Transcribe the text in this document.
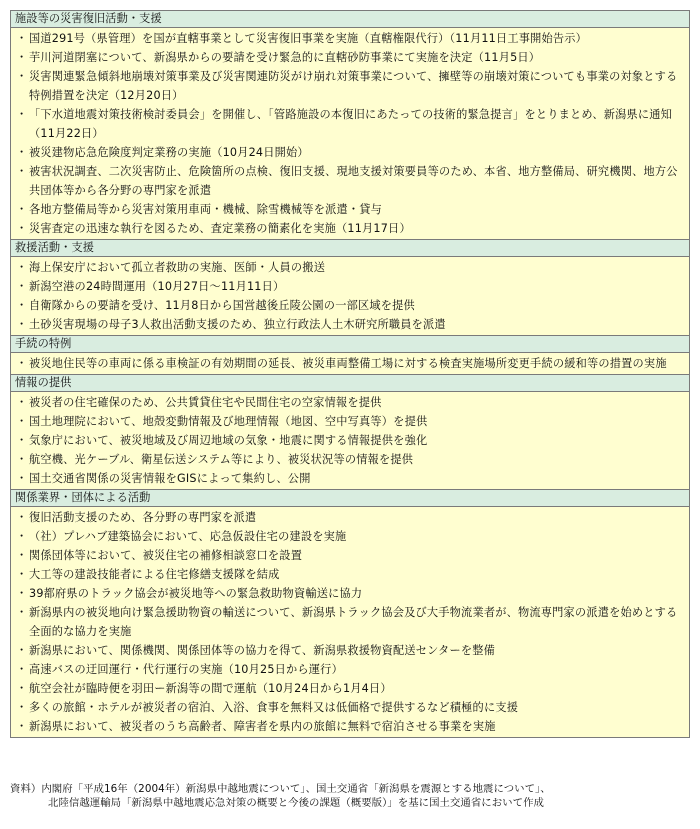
施設等の災害復旧活動・支援

・ 国道291号（県管理）を国が直轄事業として災害復旧事業を実施（直轄権限代行）（11月11日工事開始告示）
・ 芋川河道閉塞について、新潟県からの要請を受け緊急的に直轄砂防事業にて実施を決定（11月5日）
・ 災害関連緊急傾斜地崩壊対策事業及び災害関連防災がけ崩れ対策事業について、擁壁等の崩壊対策についても事業の対象とする特例措置を決定（12月20日）
・ 「下水道地震対策技術検討委員会」を開催し、「管路施設の本復旧にあたっての技術的緊急提言」をとりまとめ、新潟県に通知（11月22日）
・ 被災建物応急危険度判定業務の実施（10月24日開始）
・ 被害状況調査、二次災害防止、危険箇所の点検、復旧支援、現地支援対策要員等のため、本省、地方整備局、研究機関、地方公共団体等から各分野の専門家を派遣
・ 各地方整備局等から災害対策用車両・機械、除雪機械等を派遣・貸与
・ 災害査定の迅速な執行を図るため、査定業務の簡素化を実施（11月17日）

救援活動・支援

・ 海上保安庁において孤立者救助の実施、医師・人員の搬送
・ 新潟空港の24時間運用（10月27日〜11月11日）
・ 自衛隊からの要請を受け、11月8日から国営越後丘陵公園の一部区域を提供
・ 土砂災害現場の母子3人救出活動支援のため、独立行政法人土木研究所職員を派遣

手続の特例

・ 被災地住民等の車両に係る車検証の有効期間の延長、被災車両整備工場に対する検査実施場所変更手続の緩和等の措置の実施

情報の提供

・ 被災者の住宅確保のため、公共賃貸住宅や民間住宅の空家情報を提供
・ 国土地理院において、地殻変動情報及び地理情報（地図、空中写真等）を提供
・ 気象庁において、被災地域及び周辺地域の気象・地震に関する情報提供を強化
・ 航空機、光ケーブル、衛星伝送システム等により、被災状況等の情報を提供
・ 国土交通省関係の災害情報をGISによって集約し、公開

関係業界・団体による活動

・ 復旧活動支援のため、各分野の専門家を派遣
・ （社）プレハブ建築協会において、応急仮設住宅の建設を実施
・ 関係団体等において、被災住宅の補修相談窓口を設置
・ 大工等の建設技能者による住宅修繕支援隊を結成
・ 39都府県のトラック協会が被災地等への緊急救助物資輸送に協力
・ 新潟県内の被災地向け緊急援助物資の輸送について、新潟県トラック協会及び大手物流業者が、物流専門家の派遣を始めとする全面的な協力を実施
・ 新潟県において、関係機関、関係団体等の協力を得て、新潟県救援物資配送センターを整備
・ 高速バスの迂回運行・代行運行の実施（10月25日から運行）
・ 航空会社が臨時便を羽田ー新潟等の間で運航（10月24日から1月4日）
・ 多くの旅館・ホテルが被災者の宿泊、入浴、食事を無料又は低価格で提供するなど積極的に支援
・ 新潟県において、被災者のうち高齢者、障害者を県内の旅館に無料で宿泊させる事業を実施
資料）内閣府「平成16年（2004年）新潟県中越地震について」、国土交通省「新潟県を震源とする地震について」、
北陸信越運輸局「新潟県中越地震応急対策の概要と今後の課題（概要版）」を基に国土交通省において作成
